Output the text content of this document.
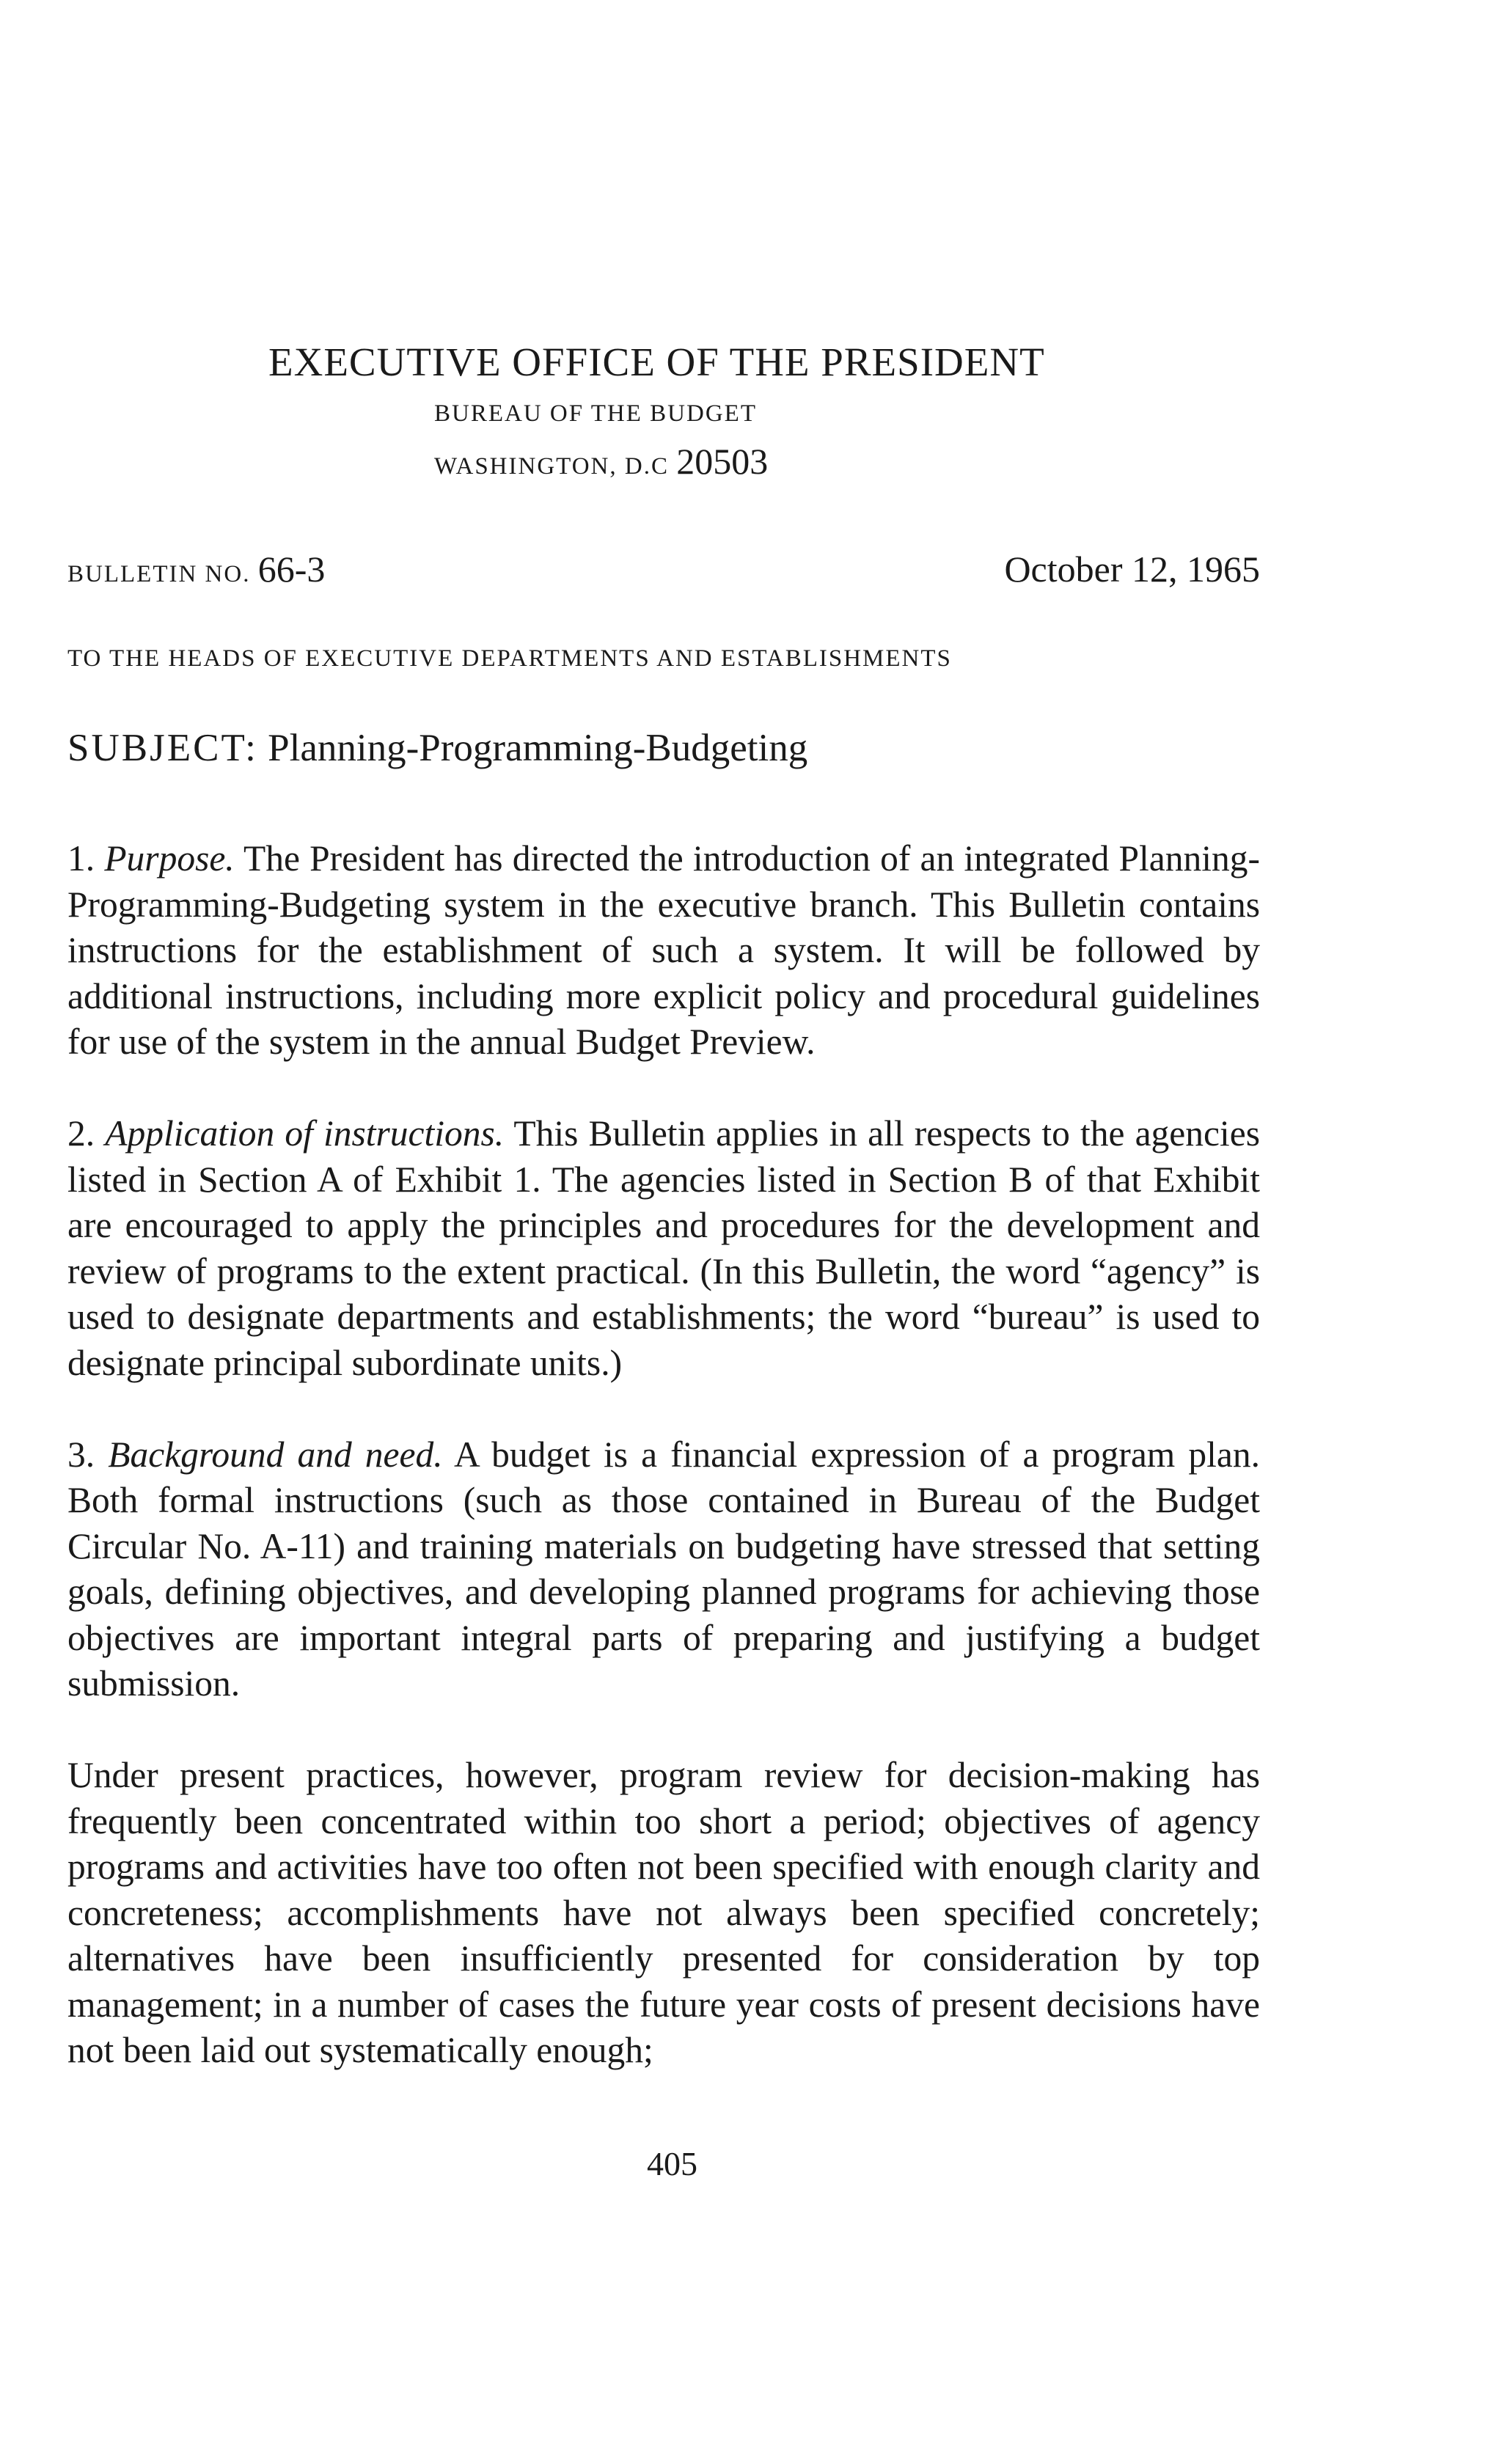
EXECUTIVE OFFICE OF THE PRESIDENT
BUREAU OF THE BUDGET
WASHINGTON, D.C 20503
BULLETIN NO. 66-3	October 12, 1965
TO THE HEADS OF EXECUTIVE DEPARTMENTS AND ESTABLISHMENTS
SUBJECT: Planning-Programming-Budgeting

1. Purpose. The President has directed the introduction of an integrated Planning-Programming-Budgeting system in the executive branch. This Bulletin contains instructions for the establishment of such a system. It will be followed by additional instructions, including more explicit policy and procedural guidelines for use of the system in the annual Budget Preview.

2. Application of instructions. This Bulletin applies in all respects to the agencies listed in Section A of Exhibit 1. The agencies listed in Section B of that Exhibit are encouraged to apply the principles and procedures for the development and review of programs to the extent practical. (In this Bulletin, the word “agency” is used to designate departments and establishments; the word “bureau” is used to designate principal subordinate units.)

3. Background and need. A budget is a financial expression of a program plan. Both formal instructions (such as those contained in Bureau of the Budget Circular No. A-11) and training materials on budgeting have stressed that setting goals, defining objectives, and developing planned programs for achieving those objectives are important integral parts of preparing and justifying a budget submission.

Under present practices, however, program review for decision-making has frequently been concentrated within too short a period; objectives of agency programs and activities have too often not been specified with enough clarity and concreteness; accomplishments have not always been specified concretely; alternatives have been insufficiently presented for consideration by top management; in a number of cases the future year costs of present decisions have not been laid out systematically enough;

405
